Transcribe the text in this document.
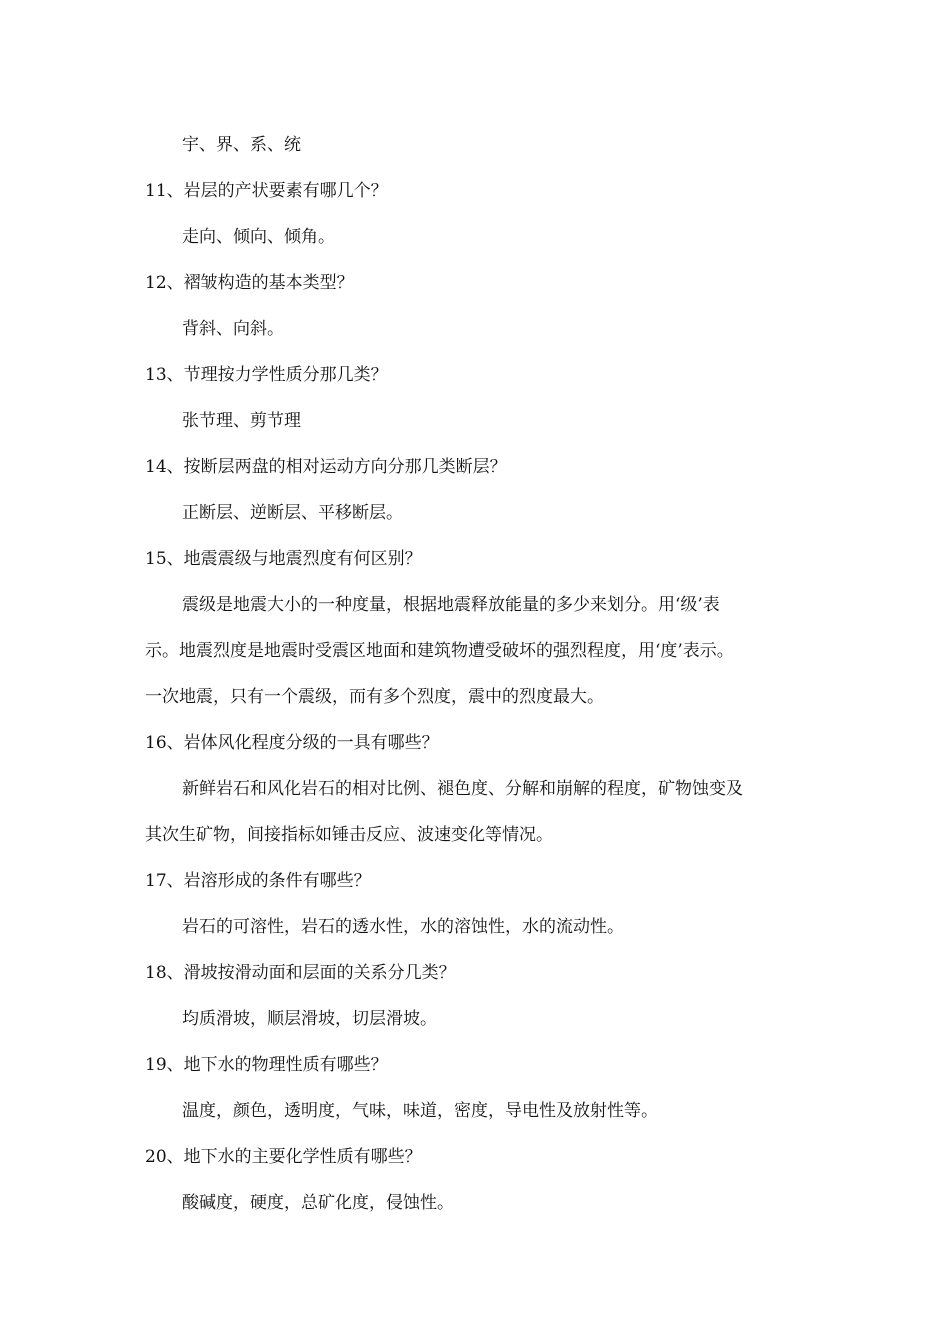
宇、界、系、统
11、岩层的产状要素有哪几个？
走向、倾向、倾角。
12、褶皱构造的基本类型？
背斜、向斜。
13、节理按力学性质分那几类？
张节理、剪节理
14、按断层两盘的相对运动方向分那几类断层？
正断层、逆断层、平移断层。
15、地震震级与地震烈度有何区别？
震级是地震大小的一种度量，根据地震释放能量的多少来划分。用‘级’表
示。地震烈度是地震时受震区地面和建筑物遭受破坏的强烈程度，用‘度’表示。
一次地震，只有一个震级，而有多个烈度，震中的烈度最大。
16、岩体风化程度分级的一具有哪些？
新鲜岩石和风化岩石的相对比例、褪色度、分解和崩解的程度，矿物蚀变及
其次生矿物，间接指标如锤击反应、波速变化等情况。
17、岩溶形成的条件有哪些？
岩石的可溶性，岩石的透水性，水的溶蚀性，水的流动性。
18、滑坡按滑动面和层面的关系分几类？
均质滑坡，顺层滑坡，切层滑坡。
19、地下水的物理性质有哪些？
温度，颜色，透明度，气味，味道，密度，导电性及放射性等。
20、地下水的主要化学性质有哪些？
酸碱度，硬度，总矿化度，侵蚀性。
